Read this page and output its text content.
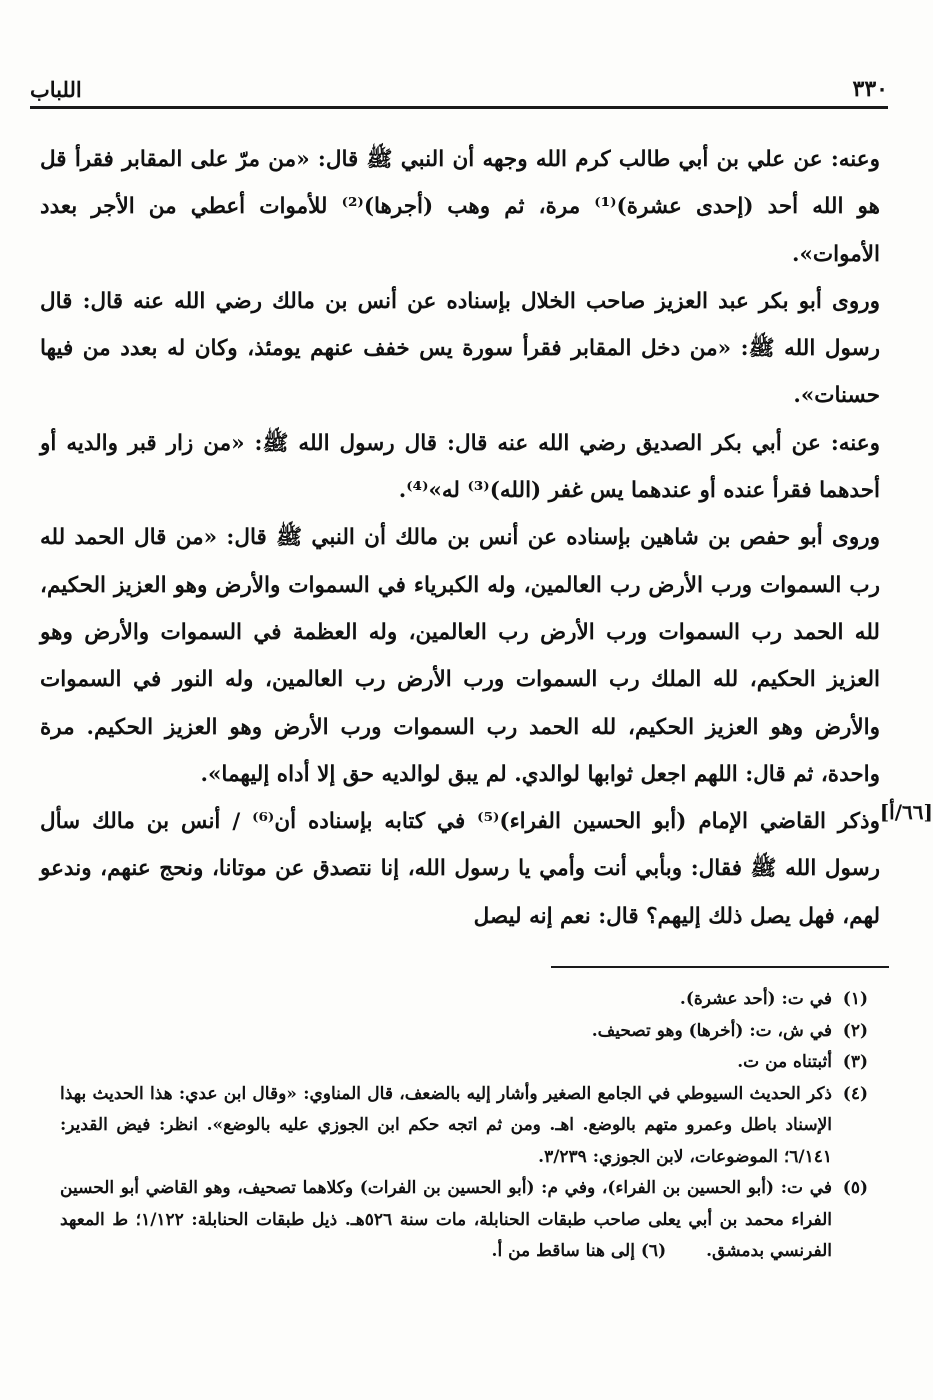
٣٣٠
اللباب

وعنه: عن علي بن أبي طالب كرم الله وجهه أن النبي ﷺ قال: «من مرّ على المقابر فقرأ قل هو الله أحد (إحدى عشرة)⁽¹⁾ مرة، ثم وهب (أجرها)⁽²⁾ للأموات أعطي من الأجر بعدد الأموات».

وروى أبو بكر عبد العزيز صاحب الخلال بإسناده عن أنس بن مالك رضي الله عنه قال: قال رسول الله ﷺ: «من دخل المقابر فقرأ سورة يس خفف عنهم يومئذ، وكان له بعدد من فيها حسنات».

وعنه: عن أبي بكر الصديق رضي الله عنه قال: قال رسول الله ﷺ: «من زار قبر والديه أو أحدهما فقرأ عنده أو عندهما يس غفر (الله)⁽³⁾ له»⁽⁴⁾.

وروى أبو حفص بن شاهين بإسناده عن أنس بن مالك أن النبي ﷺ قال: «من قال الحمد لله رب السموات ورب الأرض رب العالمين، وله الكبرياء في السموات والأرض وهو العزيز الحكيم، لله الحمد رب السموات ورب الأرض رب العالمين، وله العظمة في السموات والأرض وهو العزيز الحكيم، لله الملك رب السموات ورب الأرض رب العالمين، وله النور في السموات والأرض وهو العزيز الحكيم، لله الحمد رب السموات ورب الأرض وهو العزيز الحكيم. مرة واحدة، ثم قال: اللهم اجعل ثوابها لوالدي. لم يبق لوالديه حق إلا أداه إليهما».

وذكر القاضي الإمام (أبو الحسين الفراء)⁽⁵⁾ في كتابه بإسناده أن⁽⁶⁾ / أنس بن مالك سأل رسول الله ﷺ فقال: وبأبي أنت وأمي يا رسول الله، إنا نتصدق عن موتانا، ونحج عنهم، وندعو لهم، فهل يصل ذلك إليهم؟ قال: نعم إنه ليصل

[٦٦/أ]
(١)
في ت: (أحد عشرة).
(٢)
في ش، ت: (أخرها) وهو تصحيف.
(٣)
أثبتناه من ت.
(٤)
ذكر الحديث السيوطي في الجامع الصغير وأشار إليه بالضعف، قال المناوي: «وقال ابن عدي: هذا الحديث بهذا الإسناد باطل وعمرو متهم بالوضع. اهـ. ومن ثم اتجه حكم ابن الجوزي عليه بالوضع». انظر: فيض القدير: ٦/١٤١؛ الموضوعات، لابن الجوزي: ٣/٢٣٩.
(٥)
في ت: (أبو الحسين بن الفراء)، وفي م: (أبو الحسين بن الفرات) وكلاهما تصحيف، وهو القاضي أبو الحسين الفراء محمد بن أبي يعلى صاحب طبقات الحنابلة، مات سنة ٥٢٦هـ. ذيل طبقات الحنابلة: ١/١٢٢؛ ط المعهد الفرنسي بدمشق.(٦) إلى هنا ساقط من أ.
